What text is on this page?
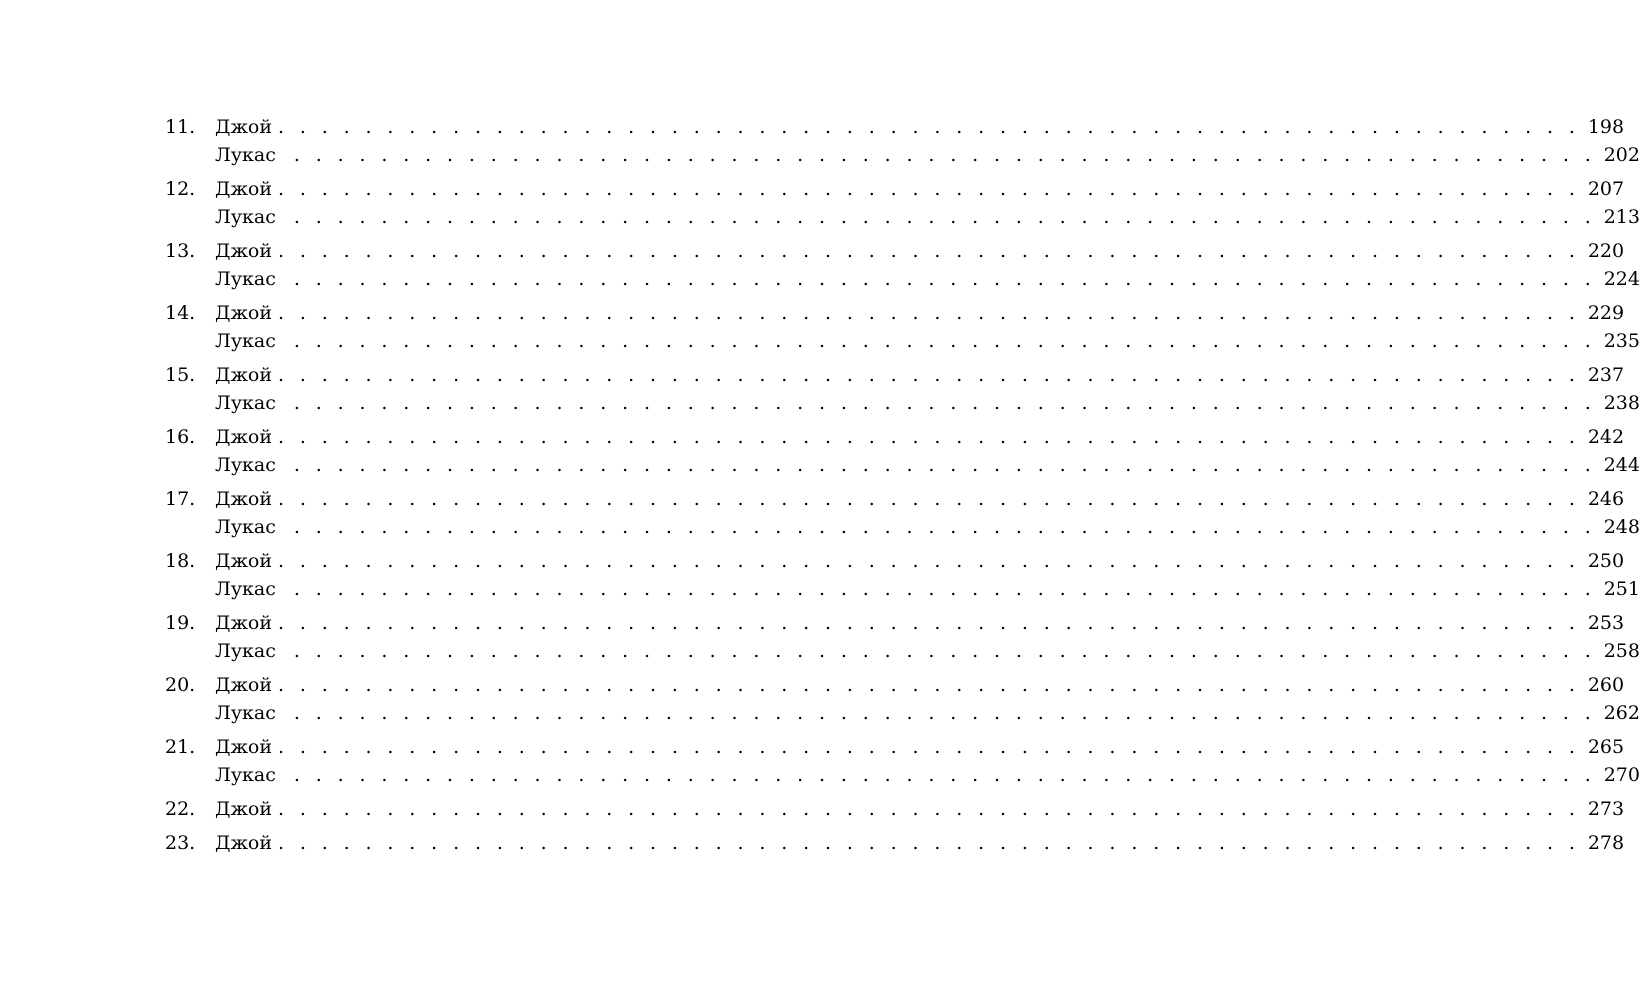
11.	Джой . . . . . . . . . . . . . . . . . . . . . . . . . . . . . . . . . . . . . . . . . . . . . . . . . . . . . . . . . . . . 198
Лукас . . . . . . . . . . . . . . . . . . . . . . . . . . . . . . . . . . . . . . . . . . . . . . . . . . . . . . . . . . . . 202
12.	Джой . . . . . . . . . . . . . . . . . . . . . . . . . . . . . . . . . . . . . . . . . . . . . . . . . . . . . . . . . . . . 207
Лукас . . . . . . . . . . . . . . . . . . . . . . . . . . . . . . . . . . . . . . . . . . . . . . . . . . . . . . . . . . . . 213
13.	Джой . . . . . . . . . . . . . . . . . . . . . . . . . . . . . . . . . . . . . . . . . . . . . . . . . . . . . . . . . . . . 220
Лукас . . . . . . . . . . . . . . . . . . . . . . . . . . . . . . . . . . . . . . . . . . . . . . . . . . . . . . . . . . . . 224
14.	Джой . . . . . . . . . . . . . . . . . . . . . . . . . . . . . . . . . . . . . . . . . . . . . . . . . . . . . . . . . . . . 229
Лукас . . . . . . . . . . . . . . . . . . . . . . . . . . . . . . . . . . . . . . . . . . . . . . . . . . . . . . . . . . . . 235
15.	Джой . . . . . . . . . . . . . . . . . . . . . . . . . . . . . . . . . . . . . . . . . . . . . . . . . . . . . . . . . . . . 237
Лукас . . . . . . . . . . . . . . . . . . . . . . . . . . . . . . . . . . . . . . . . . . . . . . . . . . . . . . . . . . . . 238
16.	Джой . . . . . . . . . . . . . . . . . . . . . . . . . . . . . . . . . . . . . . . . . . . . . . . . . . . . . . . . . . . . 242
Лукас . . . . . . . . . . . . . . . . . . . . . . . . . . . . . . . . . . . . . . . . . . . . . . . . . . . . . . . . . . . . 244
17.	Джой . . . . . . . . . . . . . . . . . . . . . . . . . . . . . . . . . . . . . . . . . . . . . . . . . . . . . . . . . . . . 246
Лукас . . . . . . . . . . . . . . . . . . . . . . . . . . . . . . . . . . . . . . . . . . . . . . . . . . . . . . . . . . . . 248
18.	Джой . . . . . . . . . . . . . . . . . . . . . . . . . . . . . . . . . . . . . . . . . . . . . . . . . . . . . . . . . . . . 250
Лукас . . . . . . . . . . . . . . . . . . . . . . . . . . . . . . . . . . . . . . . . . . . . . . . . . . . . . . . . . . . . 251
19.	Джой . . . . . . . . . . . . . . . . . . . . . . . . . . . . . . . . . . . . . . . . . . . . . . . . . . . . . . . . . . . . 253
Лукас . . . . . . . . . . . . . . . . . . . . . . . . . . . . . . . . . . . . . . . . . . . . . . . . . . . . . . . . . . . . 258
20.	Джой . . . . . . . . . . . . . . . . . . . . . . . . . . . . . . . . . . . . . . . . . . . . . . . . . . . . . . . . . . . . 260
Лукас . . . . . . . . . . . . . . . . . . . . . . . . . . . . . . . . . . . . . . . . . . . . . . . . . . . . . . . . . . . . 262
21.	Джой . . . . . . . . . . . . . . . . . . . . . . . . . . . . . . . . . . . . . . . . . . . . . . . . . . . . . . . . . . . . 265
Лукас . . . . . . . . . . . . . . . . . . . . . . . . . . . . . . . . . . . . . . . . . . . . . . . . . . . . . . . . . . . . 270
22.	Джой . . . . . . . . . . . . . . . . . . . . . . . . . . . . . . . . . . . . . . . . . . . . . . . . . . . . . . . . . . . . 273
23.	Джой . . . . . . . . . . . . . . . . . . . . . . . . . . . . . . . . . . . . . . . . . . . . . . . . . . . . . . . . . . . . 278
